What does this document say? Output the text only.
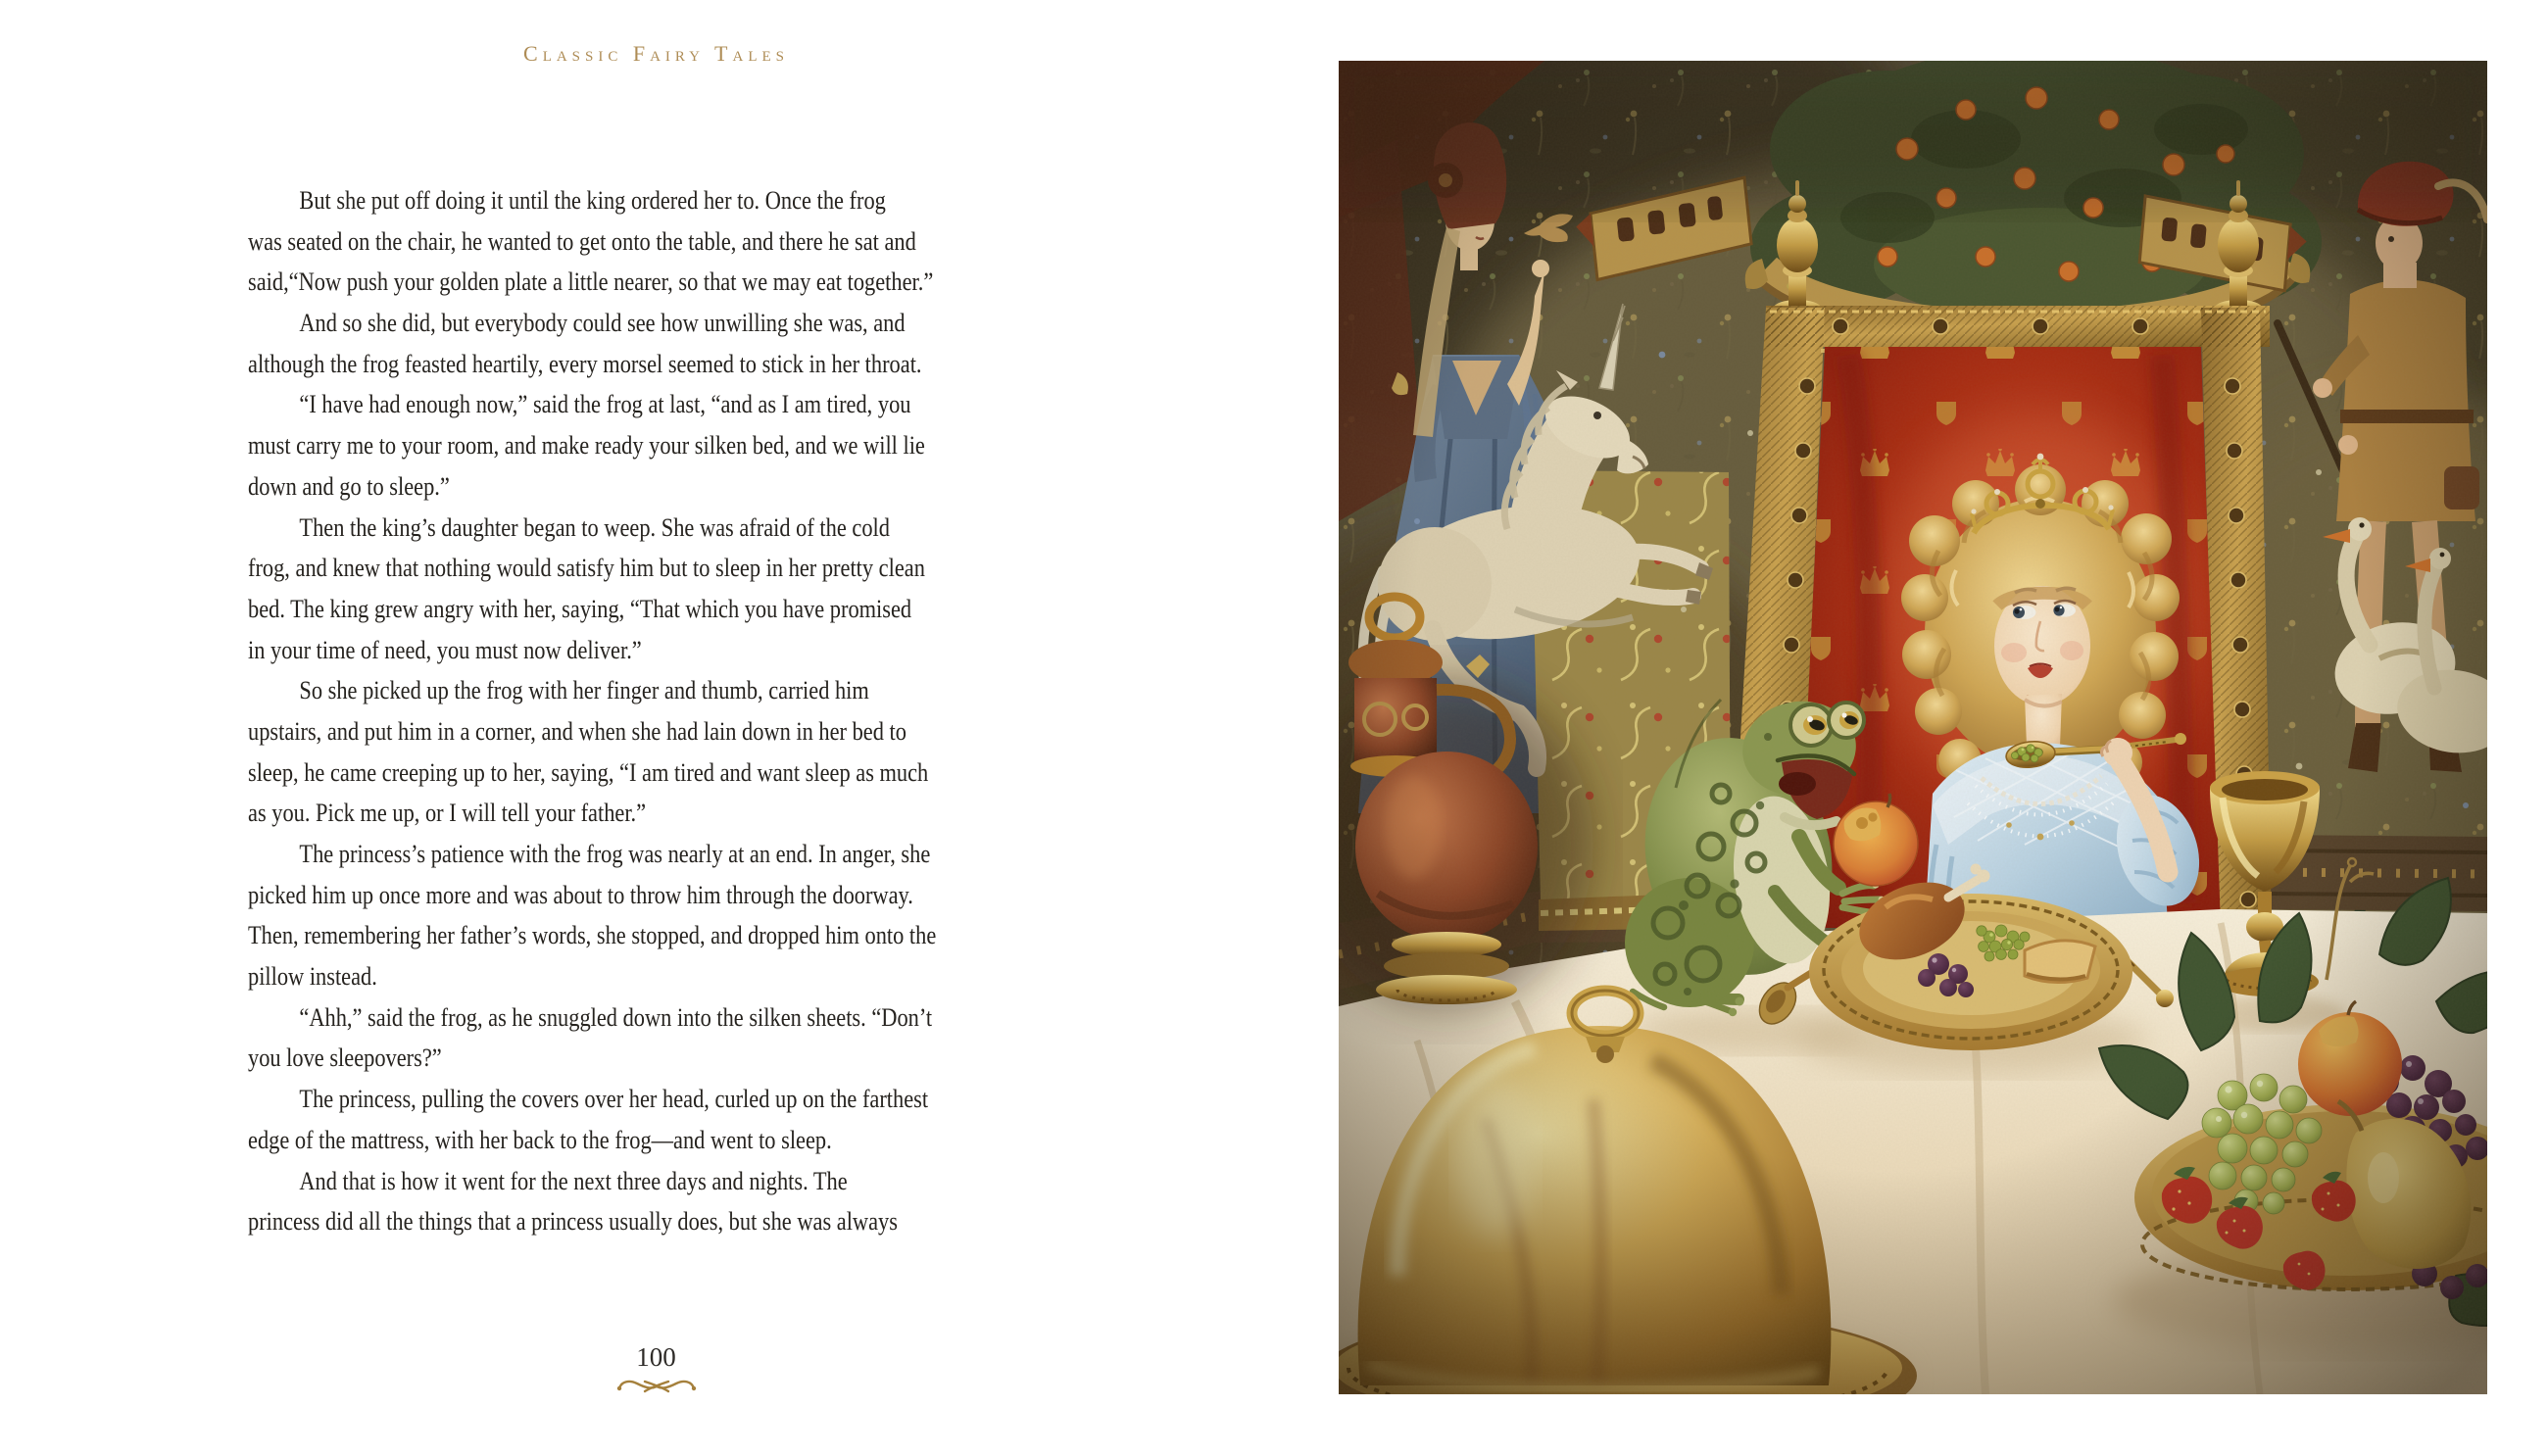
Classic Fairy Tales
But she put off doing it until the king ordered her to. Once the frog
was seated on the chair, he wanted to get onto the table, and there he sat and
said,“Now push your golden plate a little nearer, so that we may eat together.”
And so she did, but everybody could see how unwilling she was, and
although the frog feasted heartily, every morsel seemed to stick in her throat.
“I have had enough now,” said the frog at last, “and as I am tired, you
must carry me to your room, and make ready your silken bed, and we will lie
down and go to sleep.”
Then the king’s daughter began to weep. She was afraid of the cold
frog, and knew that nothing would satisfy him but to sleep in her pretty clean
bed. The king grew angry with her, saying, “That which you have promised
in your time of need, you must now deliver.”
So she picked up the frog with her finger and thumb, carried him
upstairs, and put him in a corner, and when she had lain down in her bed to
sleep, he came creeping up to her, saying, “I am tired and want sleep as much
as you. Pick me up, or I will tell your father.”
The princess’s patience with the frog was nearly at an end. In anger, she
picked him up once more and was about to throw him through the doorway.
Then, remembering her father’s words, she stopped, and dropped him onto the
pillow instead.
“Ahh,” said the frog, as he snuggled down into the silken sheets. “Don’t
you love sleepovers?”
The princess, pulling the covers over her head, curled up on the farthest
edge of the mattress, with her back to the frog—and went to sleep.
And that is how it went for the next three days and nights. The
princess did all the things that a princess usually does, but she was always
100
